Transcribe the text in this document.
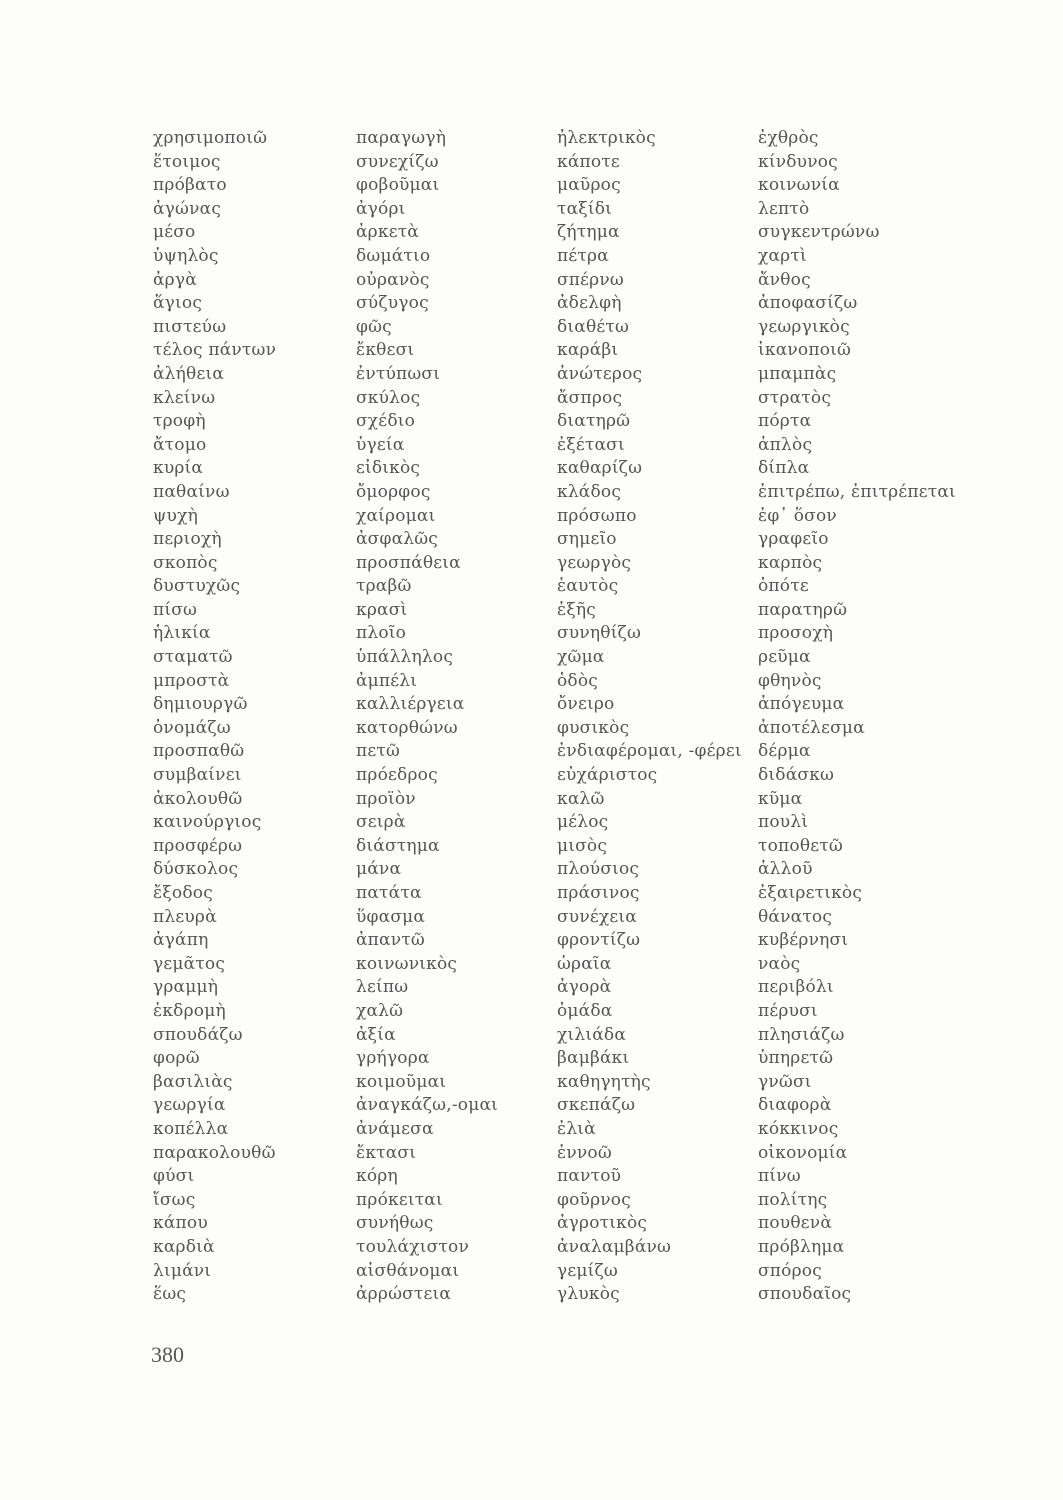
χρησιμοποιῶ
ἕτοιμος
πρόβατο
ἀγώνας
μέσο
ὑψηλὸς
ἀργὰ
ἅγιος
πιστεύω
τέλος πάντων
ἀλήθεια
κλείνω
τροφὴ
ἄτομο
κυρία
παθαίνω
ψυχὴ
περιοχὴ
σκοπὸς
δυστυχῶς
πίσω
ἡλικία
σταματῶ
μπροστὰ
δημιουργῶ
ὀνομάζω
προσπαθῶ
συμβαίνει
ἀκολουθῶ
καινούργιος
προσφέρω
δύσκολος
ἔξοδος
πλευρὰ
ἀγάπη
γεμᾶτος
γραμμὴ
ἐκδρομὴ
σπουδάζω
φορῶ
βασιλιὰς
γεωργία
κοπέλλα
παρακολουθῶ
φύσι
ἴσως
κάπου
καρδιὰ
λιμάνι
ἕως
παραγωγὴ
συνεχίζω
φοβοῦμαι
ἀγόρι
ἀρκετὰ
δωμάτιο
οὐρανὸς
σύζυγος
φῶς
ἔκθεσι
ἐντύπωσι
σκύλος
σχέδιο
ὑγεία
εἰδικὸς
ὄμορφος
χαίρομαι
ἀσφαλῶς
προσπάθεια
τραβῶ
κρασὶ
πλοῖο
ὑπάλληλος
ἀμπέλι
καλλιέργεια
κατορθώνω
πετῶ
πρόεδρος
προϊὸν
σειρὰ
διάστημα
μάνα
πατάτα
ὕφασμα
ἀπαντῶ
κοινωνικὸς
λείπω
χαλῶ
ἀξία
γρήγορα
κοιμοῦμαι
ἀναγκάζω,-ομαι
ἀνάμεσα
ἔκτασι
κόρη
πρόκειται
συνήθως
τουλάχιστον
αἰσθάνομαι
ἀρρώστεια
ἠλεκτρικὸς
κάποτε
μαῦρος
ταξίδι
ζήτημα
πέτρα
σπέρνω
ἀδελφὴ
διαθέτω
καράβι
ἀνώτερος
ἄσπρος
διατηρῶ
ἐξέτασι
καθαρίζω
κλάδος
πρόσωπο
σημεῖο
γεωργὸς
ἑαυτὸς
ἑξῆς
συνηθίζω
χῶμα
ὁδὸς
ὄνειρο
φυσικὸς
ἐνδιαφέρομαι, -φέρει
εὐχάριστος
καλῶ
μέλος
μισὸς
πλούσιος
πράσινος
συνέχεια
φροντίζω
ὡραῖα
ἀγορὰ
ὁμάδα
χιλιάδα
βαμβάκι
καθηγητὴς
σκεπάζω
ἐλιὰ
ἐννοῶ
παντοῦ
φοῦρνος
ἀγροτικὸς
ἀναλαμβάνω
γεμίζω
γλυκὸς
ἐχθρὸς
κίνδυνος
κοινωνία
λεπτὸ
συγκεντρώνω
χαρτὶ
ἄνθος
ἀποφασίζω
γεωργικὸς
ἱκανοποιῶ
μπαμπὰς
στρατὸς
πόρτα
ἁπλὸς
δίπλα
ἐπιτρέπω, ἐπιτρέπεται
ἐφ᾽ ὅσον
γραφεῖο
καρπὸς
ὁπότε
παρατηρῶ
προσοχὴ
ρεῦμα
φθηνὸς
ἀπόγευμα
ἀποτέλεσμα
δέρμα
διδάσκω
κῦμα
πουλὶ
τοποθετῶ
ἀλλοῦ
ἐξαιρετικὸς
θάνατος
κυβέρνησι
ναὸς
περιβόλι
πέρυσι
πλησιάζω
ὑπηρετῶ
γνῶσι
διαφορὰ
κόκκινος
οἰκονομία
πίνω
πολίτης
πουθενὰ
πρόβλημα
σπόρος
σπουδαῖος
380
